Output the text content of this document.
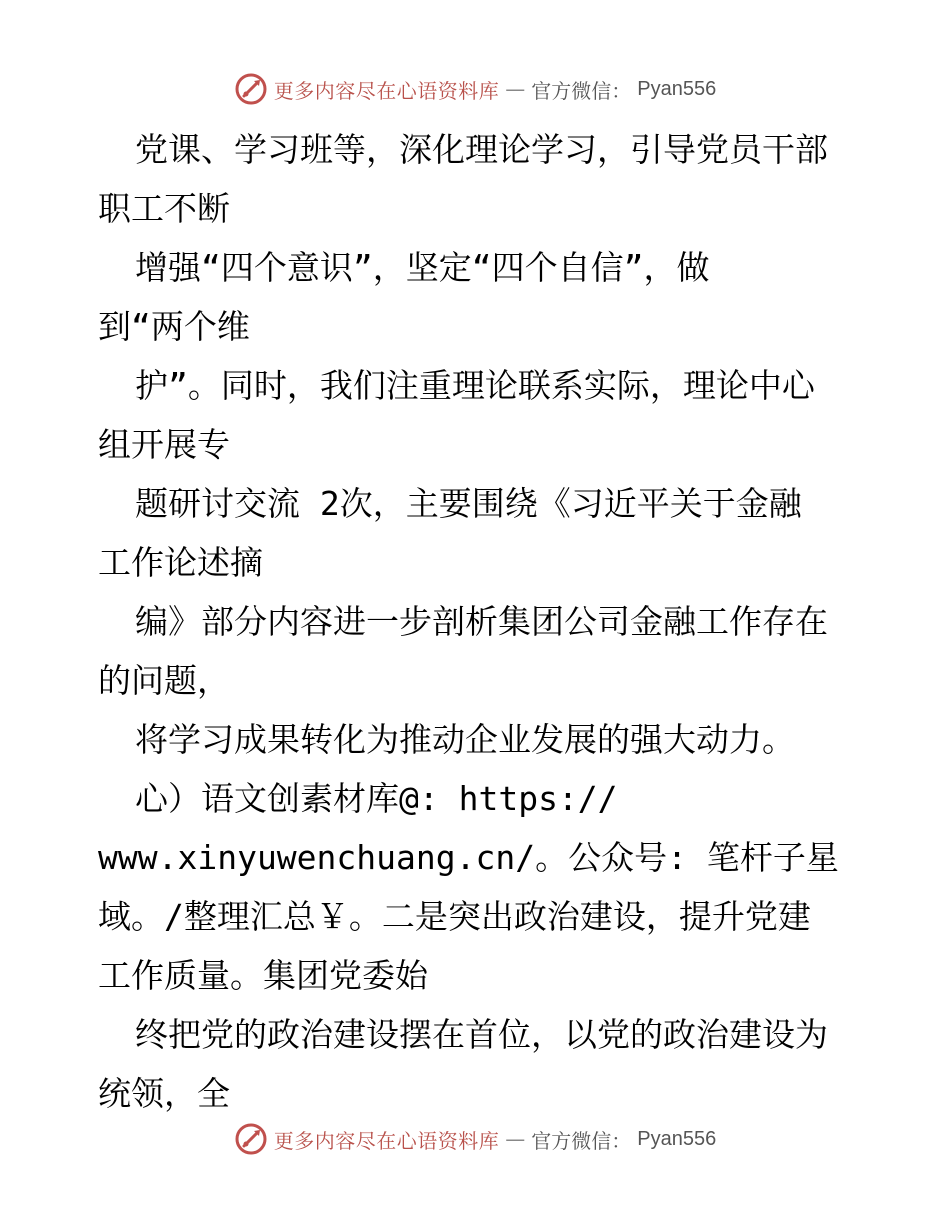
更多内容尽在心语资料库 — 官方微信： Pyan556
党课、学习班等，深化理论学习，引导党员干部
职工不断
增强“四个意识”，坚定“四个自信”，做
到“两个维
护”。同时，我们注重理论联系实际，理论中心
组开展专
题研讨交流 2次，主要围绕《习近平关于金融
工作论述摘
编》部分内容进一步剖析集团公司金融工作存在
的问题，
将学习成果转化为推动企业发展的强大动力。
心）语文创素材库@: https://
www.xinyuwenchuang.cn/。公众号: 笔杆子星
域。/整理汇总￥。二是突出政治建设，提升党建
工作质量。集团党委始
终把党的政治建设摆在首位，以党的政治建设为
统领，全
更多内容尽在心语资料库 — 官方微信： Pyan556
